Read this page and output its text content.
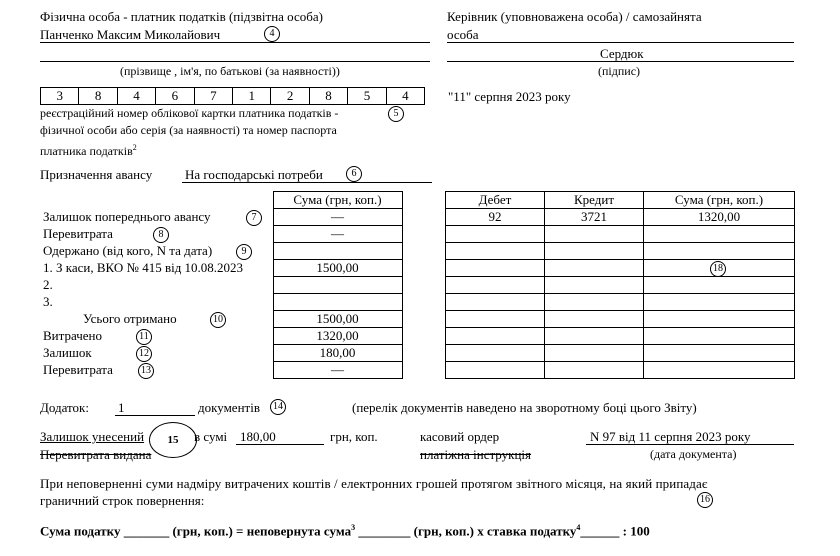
Фізична особа - платник податків (підзвітна особа)
Панченко Максим Миколайович	4
(прізвище , ім'я, по батькові (за наявності))
Керівник (уповноважена особа) / самозайнята
особа
Сердюк
(підпис)
3	8	4	6	7	1	2	8	5	4	"11" серпня 2023 року
реєстраційний номер облікової картки платника податків -	5
фізичної особи або серія (за наявності) та номер паспорта
платника податків$^2$
Призначення авансу	На господарські потреби	6
	Сума (грн, коп.)
Залишок попереднього авансу 7	—
Перевитрата 8	—
Одержано (від кого, N та дата) 9	

1. З каси, ВКО № 415 від 10.08.2023	1500,00
2.	
3.	
Усього отримано 10	1500,00
Витрачено 11	1320,00
Залишок 12	180,00
Перевитрата 13	—
Дебет	Кредит	Сума (грн, коп.)
92	3721	1320,00

		18

Додаток: 1	документів	14	(перелік документів наведено на зворотному боці цього Звіту)
Залишок унесений	15	в сумі 180,00	грн, коп.	касовий ордер	N 97 від 11 серпня 2023 року
Перевитрата видана	платіжна інструкція	(дата документа)
При неповерненні суми надміру витрачених коштів / електронних грошей протягом звітного місяця, на який припадає
граничний строк повернення:	16
Сума податку _______ (грн, коп.) = неповернута сума$^3$ ________ (грн, коп.) х ставка податку$^4$______ : 100
